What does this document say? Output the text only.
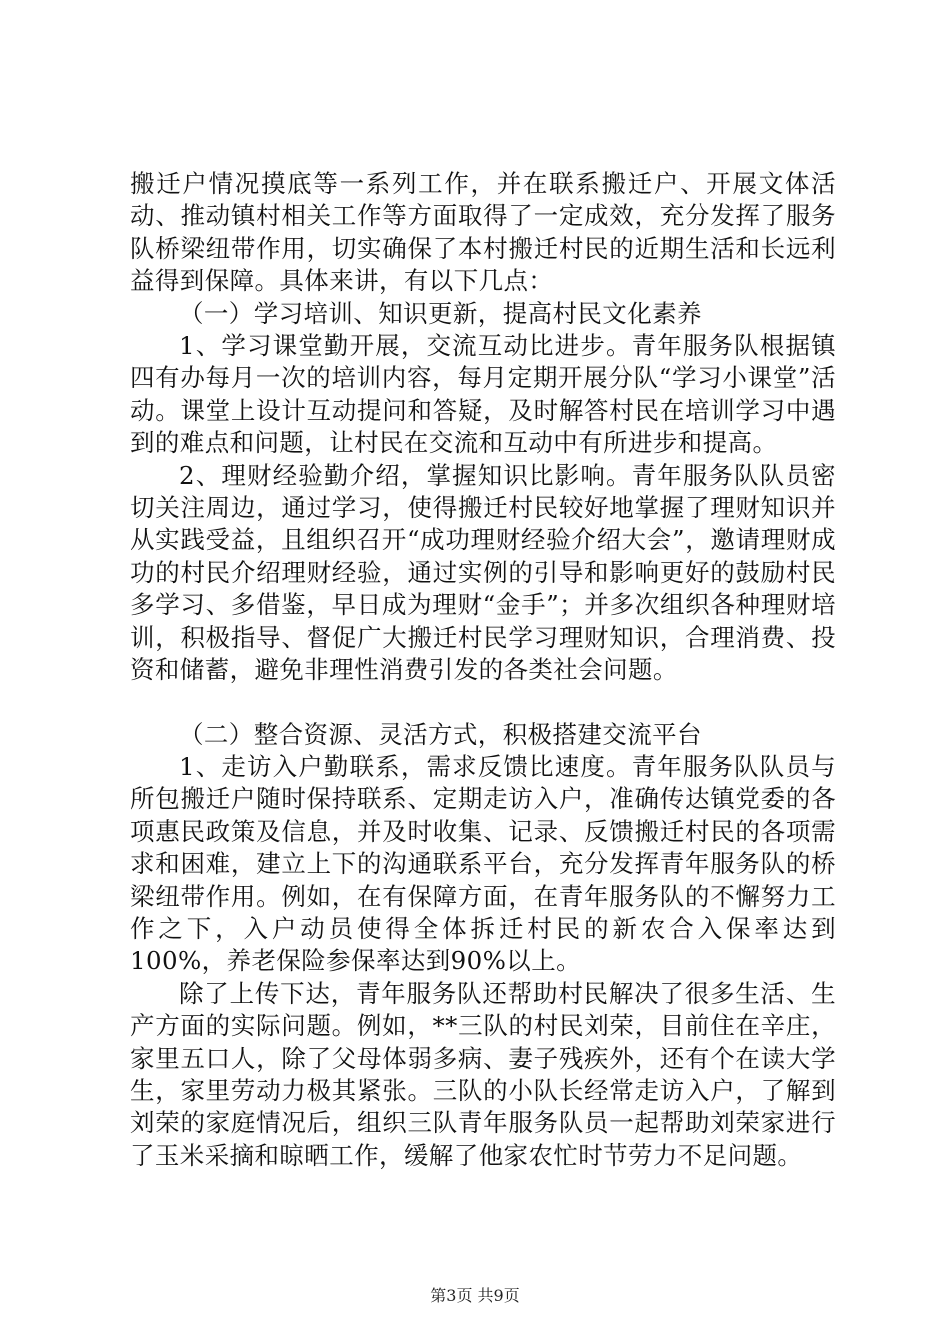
搬迁户情况摸底等一系列工作，并在联系搬迁户、开展文体活动、推动镇村相关工作等方面取得了一定成效，充分发挥了服务队桥梁纽带作用，切实确保了本村搬迁村民的近期生活和长远利益得到保障。具体来讲，有以下几点：

（一）学习培训、知识更新，提高村民文化素养

1、学习课堂勤开展，交流互动比进步。青年服务队根据镇四有办每月一次的培训内容，每月定期开展分队“学习小课堂”活动。课堂上设计互动提问和答疑，及时解答村民在培训学习中遇到的难点和问题，让村民在交流和互动中有所进步和提高。

2、理财经验勤介绍，掌握知识比影响。青年服务队队员密切关注周边，通过学习，使得搬迁村民较好地掌握了理财知识并从实践受益，且组织召开“成功理财经验介绍大会”，邀请理财成功的村民介绍理财经验，通过实例的引导和影响更好的鼓励村民多学习、多借鉴，早日成为理财“金手”；并多次组织各种理财培训，积极指导、督促广大搬迁村民学习理财知识，合理消费、投资和储蓄，避免非理性消费引发的各类社会问题。

（二）整合资源、灵活方式，积极搭建交流平台

1、走访入户勤联系，需求反馈比速度。青年服务队队员与所包搬迁户随时保持联系、定期走访入户，准确传达镇党委的各项惠民政策及信息，并及时收集、记录、反馈搬迁村民的各项需求和困难，建立上下的沟通联系平台，充分发挥青年服务队的桥梁纽带作用。例如，在有保障方面，在青年服务队的不懈努力工作之下，入户动员使得全体拆迁村民的新农合入保率达到100%，养老保险参保率达到90%以上。

除了上传下达，青年服务队还帮助村民解决了很多生活、生产方面的实际问题。例如，**三队的村民刘荣，目前住在辛庄，家里五口人，除了父母体弱多病、妻子残疾外，还有个在读大学生，家里劳动力极其紧张。三队的小队长经常走访入户，了解到刘荣的家庭情况后，组织三队青年服务队员一起帮助刘荣家进行了玉米采摘和晾晒工作，缓解了他家农忙时节劳力不足问题。

第3页 共9页
